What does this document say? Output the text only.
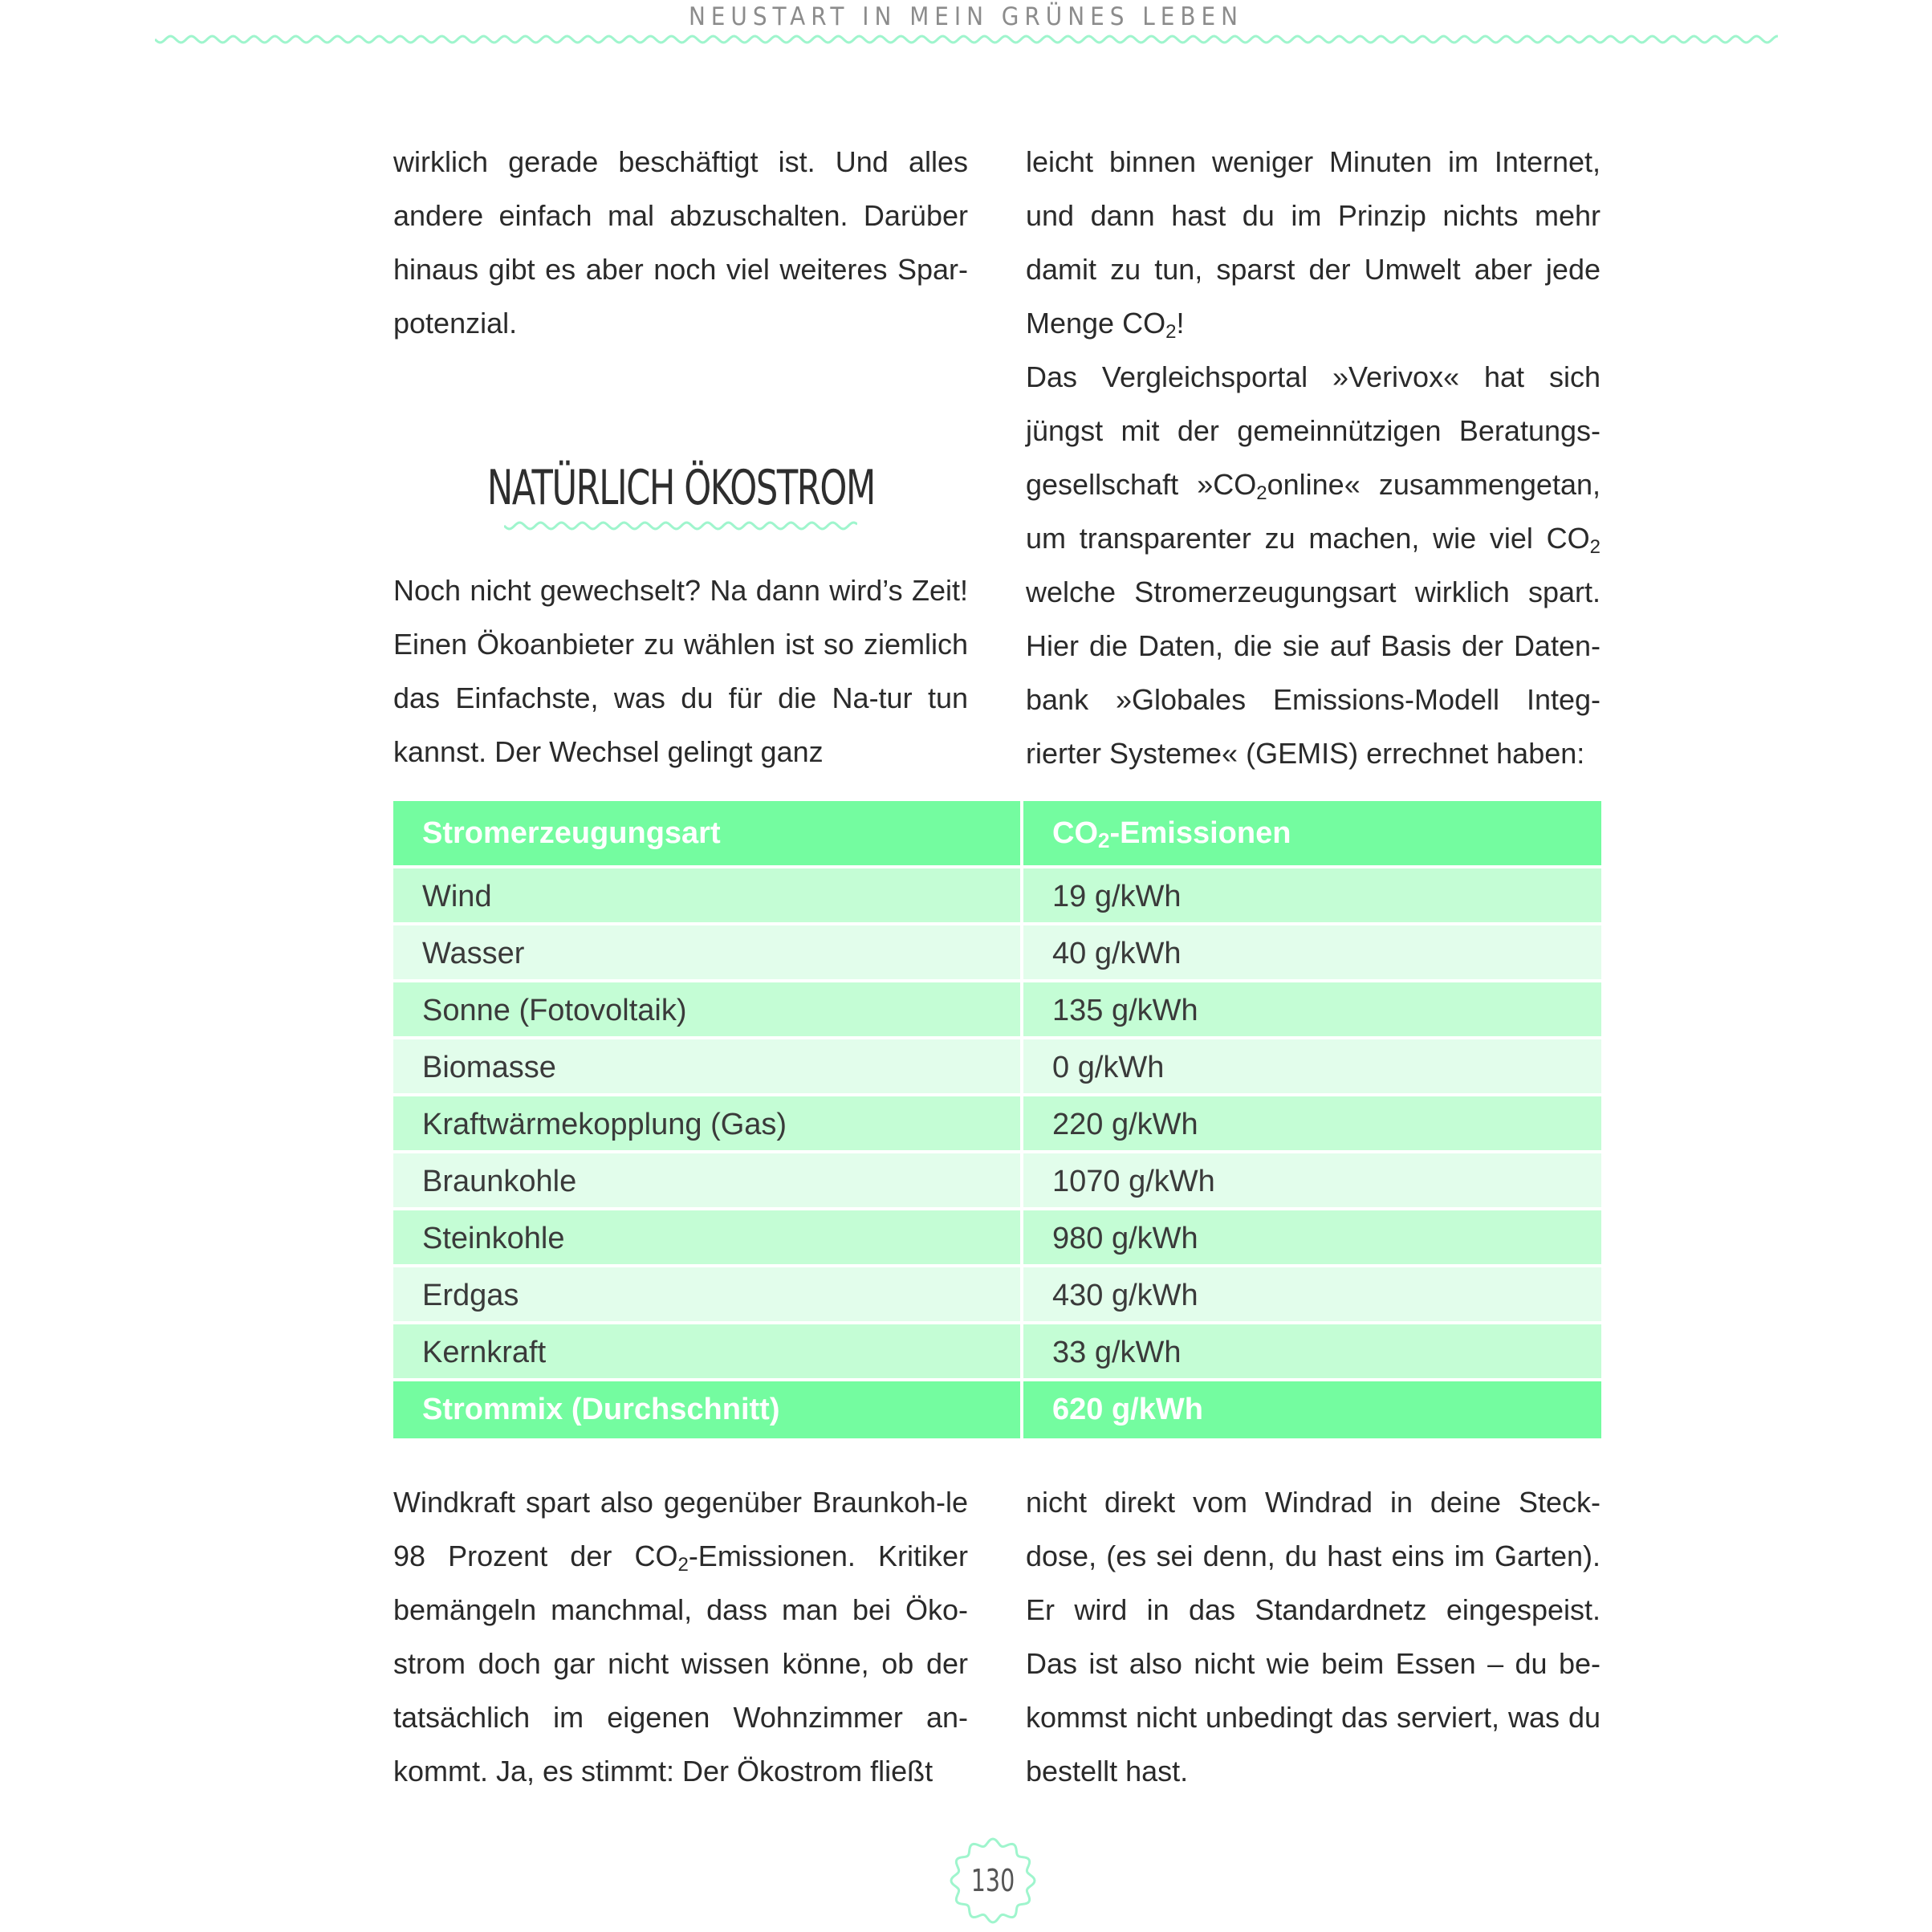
NEUSTART IN MEIN GRÜNES LEBEN

wirklich gerade beschäftigt ist. Und alles andere einfach mal abzuschalten. Darüber hinaus gibt es aber noch viel weiteres Spar-potenzial.

NATÜRLICH ÖKOSTROM

Noch nicht gewechselt? Na dann wird’s Zeit! Einen Ökoanbieter zu wählen ist so ziemlich das Einfachste, was du für die Na-tur tun kannst. Der Wechsel gelingt ganz

leicht binnen weniger Minuten im Internet, und dann hast du im Prinzip nichts mehr damit zu tun, sparst der Umwelt aber jede Menge $CO_2$!

Das Vergleichsportal »Verivox« hat sich jüngst mit der gemeinnützigen Beratungs-gesellschaft $»CO_2online«$ zusammengetan, um transparenter zu machen, wie viel $CO_2$ welche Stromerzeugungsart wirklich spart. Hier die Daten, die sie auf Basis der Daten-bank »Globales Emissions-Modell Integ-rierter Systeme« (GEMIS) errechnet haben:

Stromerzeugungsart	$CO_2$-Emissionen
Wind	19 g/kWh
Wasser	40 g/kWh
Sonne (Fotovoltaik)	135 g/kWh
Biomasse	0 g/kWh
Kraftwärmekopplung (Gas)	220 g/kWh
Braunkohle	1070 g/kWh
Steinkohle	980 g/kWh
Erdgas	430 g/kWh
Kernkraft	33 g/kWh
Strommix (Durchschnitt)	620 g/kWh

Windkraft spart also gegenüber Braunkoh-le 98 Prozent der $CO_2$-Emissionen. Kritiker bemängeln manchmal, dass man bei Öko-strom doch gar nicht wissen könne, ob der tatsächlich im eigenen Wohnzimmer an-kommt. Ja, es stimmt: Der Ökostrom fließt

nicht direkt vom Windrad in deine Steck-dose, (es sei denn, du hast eins im Garten). Er wird in das Standardnetz eingespeist. Das ist also nicht wie beim Essen – du be-kommst nicht unbedingt das serviert, was du bestellt hast.

130
